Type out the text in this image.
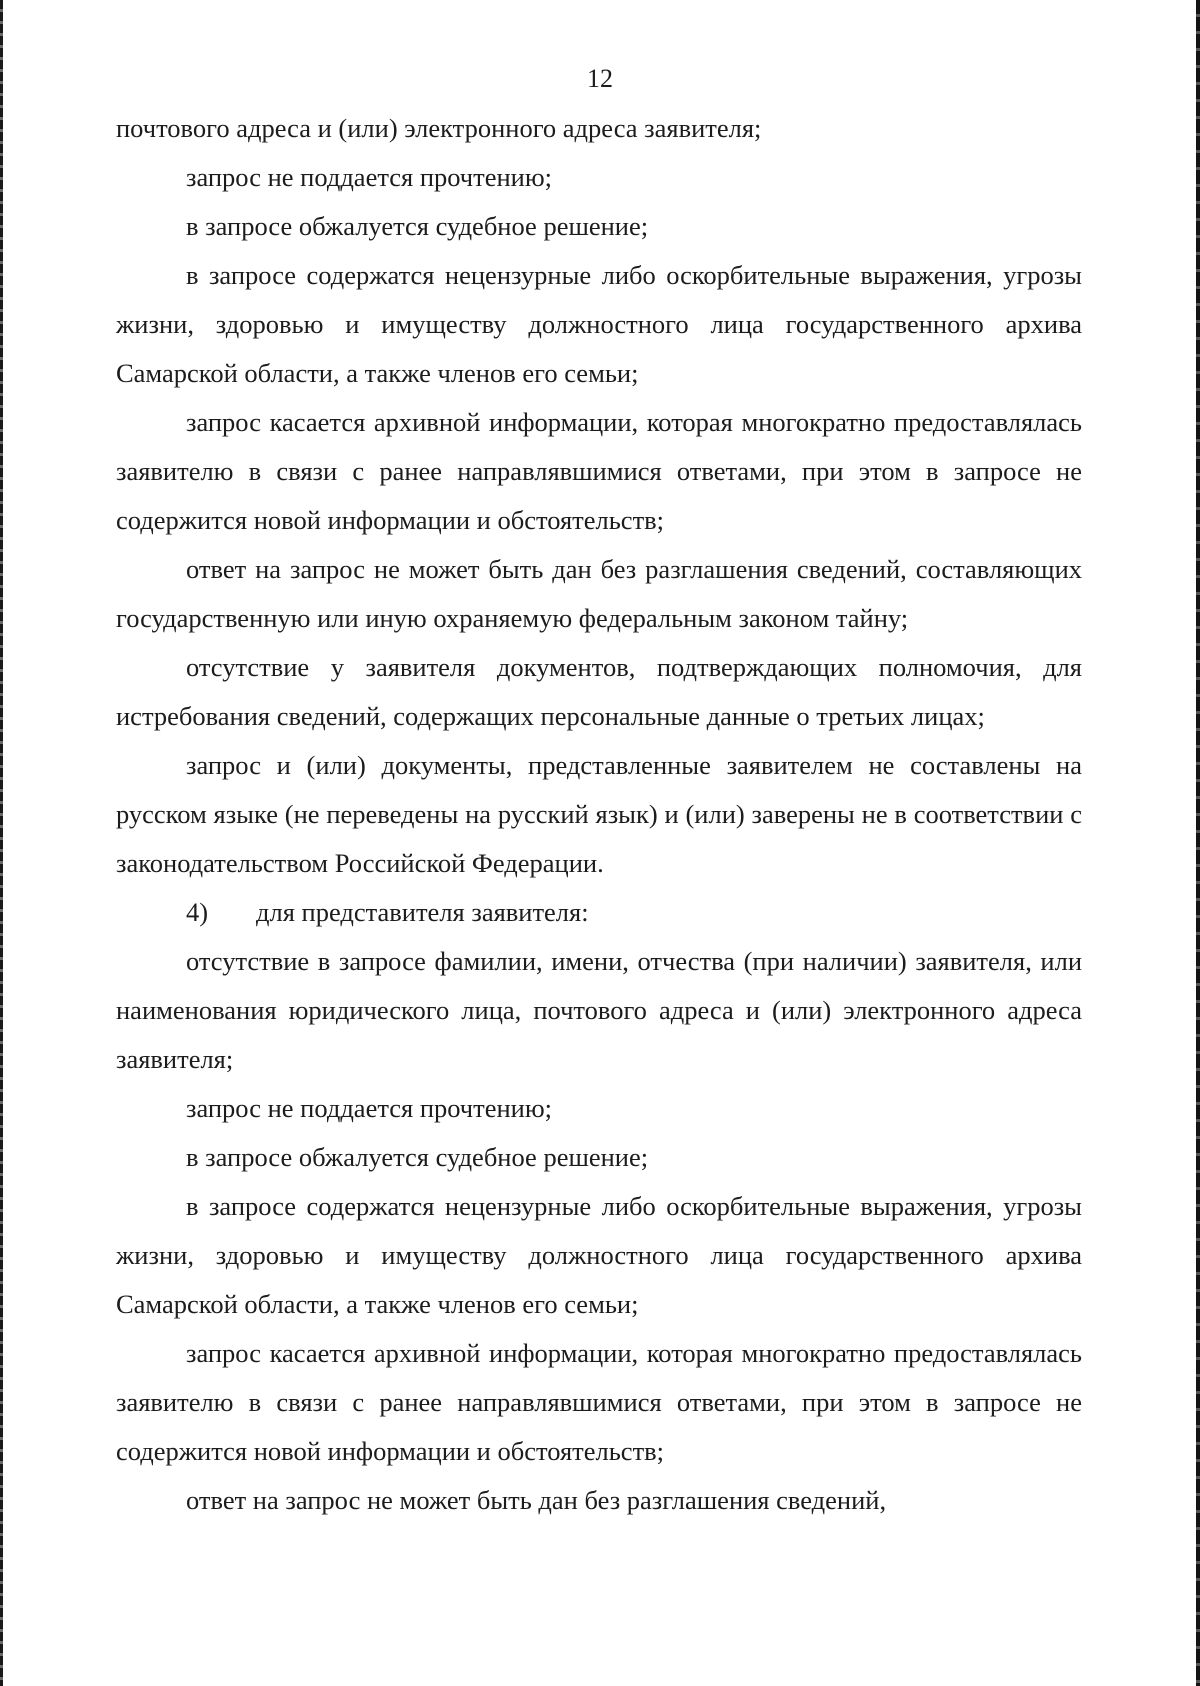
12

почтового адреса и (или) электронного адреса заявителя;

запрос не поддается прочтению;

в запросе обжалуется судебное решение;

в запросе содержатся нецензурные либо оскорбительные выражения, угрозы жизни, здоровью и имуществу должностного лица государственного архива Самарской области, а также членов его семьи;

запрос касается архивной информации, которая многократно предоставлялась заявителю в связи с ранее направлявшимися ответами, при этом в запросе не содержится новой информации и обстоятельств;

ответ на запрос не может быть дан без разглашения сведений, составляющих государственную или иную охраняемую федеральным законом тайну;

отсутствие у заявителя документов, подтверждающих полномочия, для истребования сведений, содержащих персональные данные о третьих лицах;

запрос и (или) документы, представленные заявителем не составлены на русском языке (не переведены на русский язык) и (или) заверены не в соответствии с законодательством Российской Федерации.

4)	для представителя заявителя:

отсутствие в запросе фамилии, имени, отчества (при наличии) заявителя, или наименования юридического лица, почтового адреса и (или) электронного адреса заявителя;

запрос не поддается прочтению;

в запросе обжалуется судебное решение;

в запросе содержатся нецензурные либо оскорбительные выражения, угрозы жизни, здоровью и имуществу должностного лица государственного архива Самарской области, а также членов его семьи;

запрос касается архивной информации, которая многократно предоставлялась заявителю в связи с ранее направлявшимися ответами, при этом в запросе не содержится новой информации и обстоятельств;

ответ на запрос не может быть дан без разглашения сведений,
